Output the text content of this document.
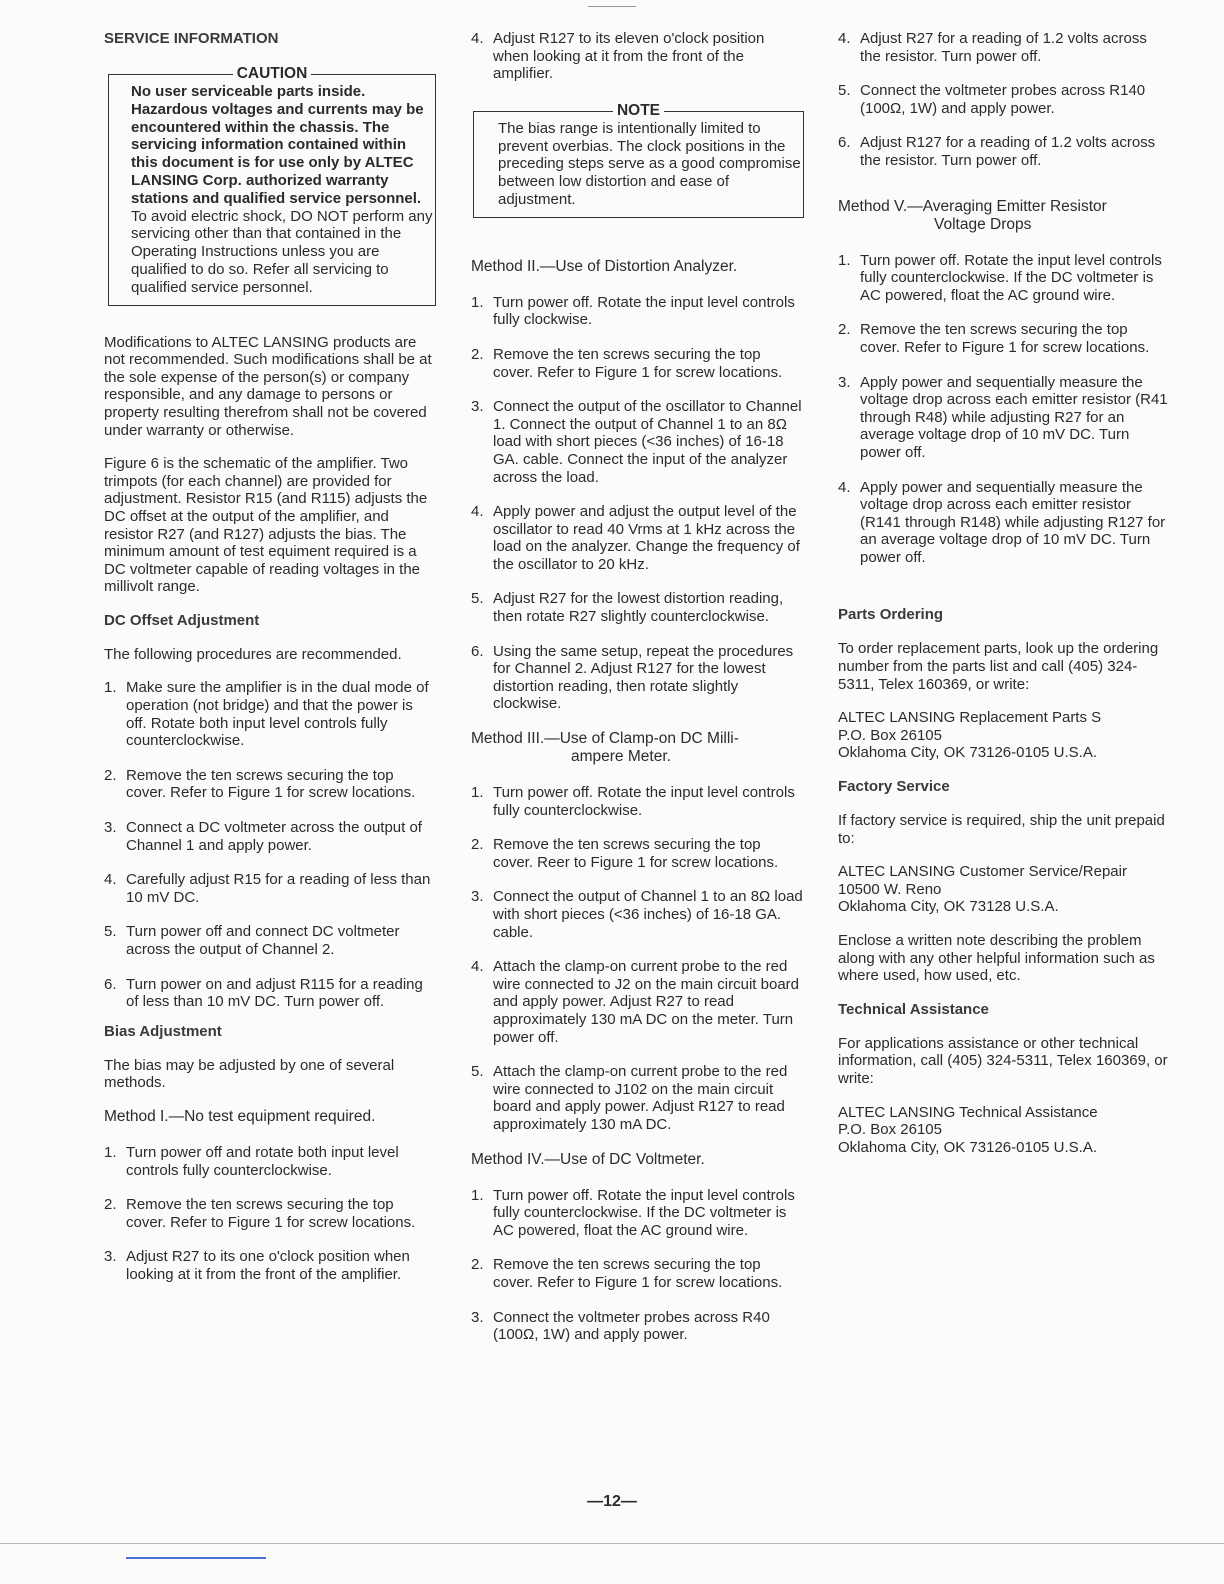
SERVICE INFORMATION
CAUTION
No user serviceable parts inside. Hazardous voltages and currents may be encountered within the chassis. The servicing information contained within this document is for use only by ALTEC LANSING Corp. authorized warranty stations and qualified service personnel. To avoid electric shock, DO NOT perform any servicing other than that contained in the Operating Instructions unless you are qualified to do so. Refer all servicing to qualified service personnel.

Modifications to ALTEC LANSING products are not recommended. Such modifications shall be at the sole expense of the person(s) or company responsible, and any damage to persons or property resulting therefrom shall not be covered under warranty or otherwise.

Figure 6 is the schematic of the amplifier. Two trimpots (for each channel) are provided for adjustment. Resistor R15 (and R115) adjusts the DC offset at the output of the amplifier, and resistor R27 (and R127) adjusts the bias. The minimum amount of test equiment required is a DC voltmeter capable of reading voltages in the millivolt range.

DC Offset Adjustment

The following procedures are recommended.

1. Make sure the amplifier is in the dual mode of operation (not bridge) and that the power is off. Rotate both input level controls fully counterclockwise.
2. Remove the ten screws securing the top cover. Refer to Figure 1 for screw locations.
3. Connect a DC voltmeter across the output of Channel 1 and apply power.
4. Carefully adjust R15 for a reading of less than 10 mV DC.
5. Turn power off and connect DC voltmeter across the output of Channel 2.
6. Turn power on and adjust R115 for a reading of less than 10 mV DC. Turn power off.
Bias Adjustment

The bias may be adjusted by one of several methods.

Method I.—No test equipment required.
1. Turn power off and rotate both input level controls fully counterclockwise.
2. Remove the ten screws securing the top cover. Refer to Figure 1 for screw locations.
3. Adjust R27 to its one o'clock position when looking at it from the front of the amplifier.
4. Adjust R127 to its eleven o'clock position when looking at it from the front of the amplifier.
NOTE
The bias range is intentionally limited to prevent overbias. The clock positions in the preceding steps serve as a good compromise between low distortion and ease of adjustment.
Method II.—Use of Distortion Analyzer.
1. Turn power off. Rotate the input level controls fully clockwise.
2. Remove the ten screws securing the top cover. Refer to Figure 1 for screw locations.
3. Connect the output of the oscillator to Channel 1. Connect the output of Channel 1 to an 8Ω load with short pieces (<36 inches) of 16-18 GA. cable. Connect the input of the analyzer across the load.
4. Apply power and adjust the output level of the oscillator to read 40 Vrms at 1 kHz across the load on the analyzer. Change the frequency of the oscillator to 20 kHz.
5. Adjust R27 for the lowest distortion reading, then rotate R27 slightly counterclockwise.
6. Using the same setup, repeat the procedures for Channel 2. Adjust R127 for the lowest distortion reading, then rotate slightly clockwise.
Method III.—Use of Clamp-on DC Milli-
ampere Meter.
1. Turn power off. Rotate the input level controls fully counterclockwise.
2. Remove the ten screws securing the top cover. Reer to Figure 1 for screw locations.
3. Connect the output of Channel 1 to an 8Ω load with short pieces (<36 inches) of 16-18 GA. cable.
4. Attach the clamp-on current probe to the red wire connected to J2 on the main circuit board and apply power. Adjust R27 to read approximately 130 mA DC on the meter. Turn power off.
5. Attach the clamp-on current probe to the red wire connected to J102 on the main circuit board and apply power. Adjust R127 to read approximately 130 mA DC.
Method IV.—Use of DC Voltmeter.
1. Turn power off. Rotate the input level controls fully counterclockwise. If the DC voltmeter is AC powered, float the AC ground wire.
2. Remove the ten screws securing the top cover. Refer to Figure 1 for screw locations.
3. Connect the voltmeter probes across R40 (100Ω, 1W) and apply power.
4. Adjust R27 for a reading of 1.2 volts across the resistor. Turn power off.
5. Connect the voltmeter probes across R140 (100Ω, 1W) and apply power.
6. Adjust R127 for a reading of 1.2 volts across the resistor. Turn power off.
Method V.—Averaging Emitter Resistor
Voltage Drops
1. Turn power off. Rotate the input level controls fully counterclockwise. If the DC voltmeter is AC powered, float the AC ground wire.
2. Remove the ten screws securing the top cover. Refer to Figure 1 for screw locations.
3. Apply power and sequentially measure the voltage drop across each emitter resistor (R41 through R48) while adjusting R27 for an average voltage drop of 10 mV DC. Turn power off.
4. Apply power and sequentially measure the voltage drop across each emitter resistor (R141 through R148) while adjusting R127 for an average voltage drop of 10 mV DC. Turn power off.
Parts Ordering

To order replacement parts, look up the ordering number from the parts list and call (405) 324-5311, Telex 160369, or write:

ALTEC LANSING Replacement Parts S
P.O. Box 26105
Oklahoma City, OK 73126-0105 U.S.A.
Factory Service

If factory service is required, ship the unit prepaid to:

ALTEC LANSING Customer Service/Repair
10500 W. Reno
Oklahoma City, OK 73128 U.S.A.

Enclose a written note describing the problem along with any other helpful information such as where used, how used, etc.

Technical Assistance

For applications assistance or other technical information, call (405) 324-5311, Telex 160369, or write:

ALTEC LANSING Technical Assistance
P.O. Box 26105
Oklahoma City, OK 73126-0105 U.S.A.
—12—
